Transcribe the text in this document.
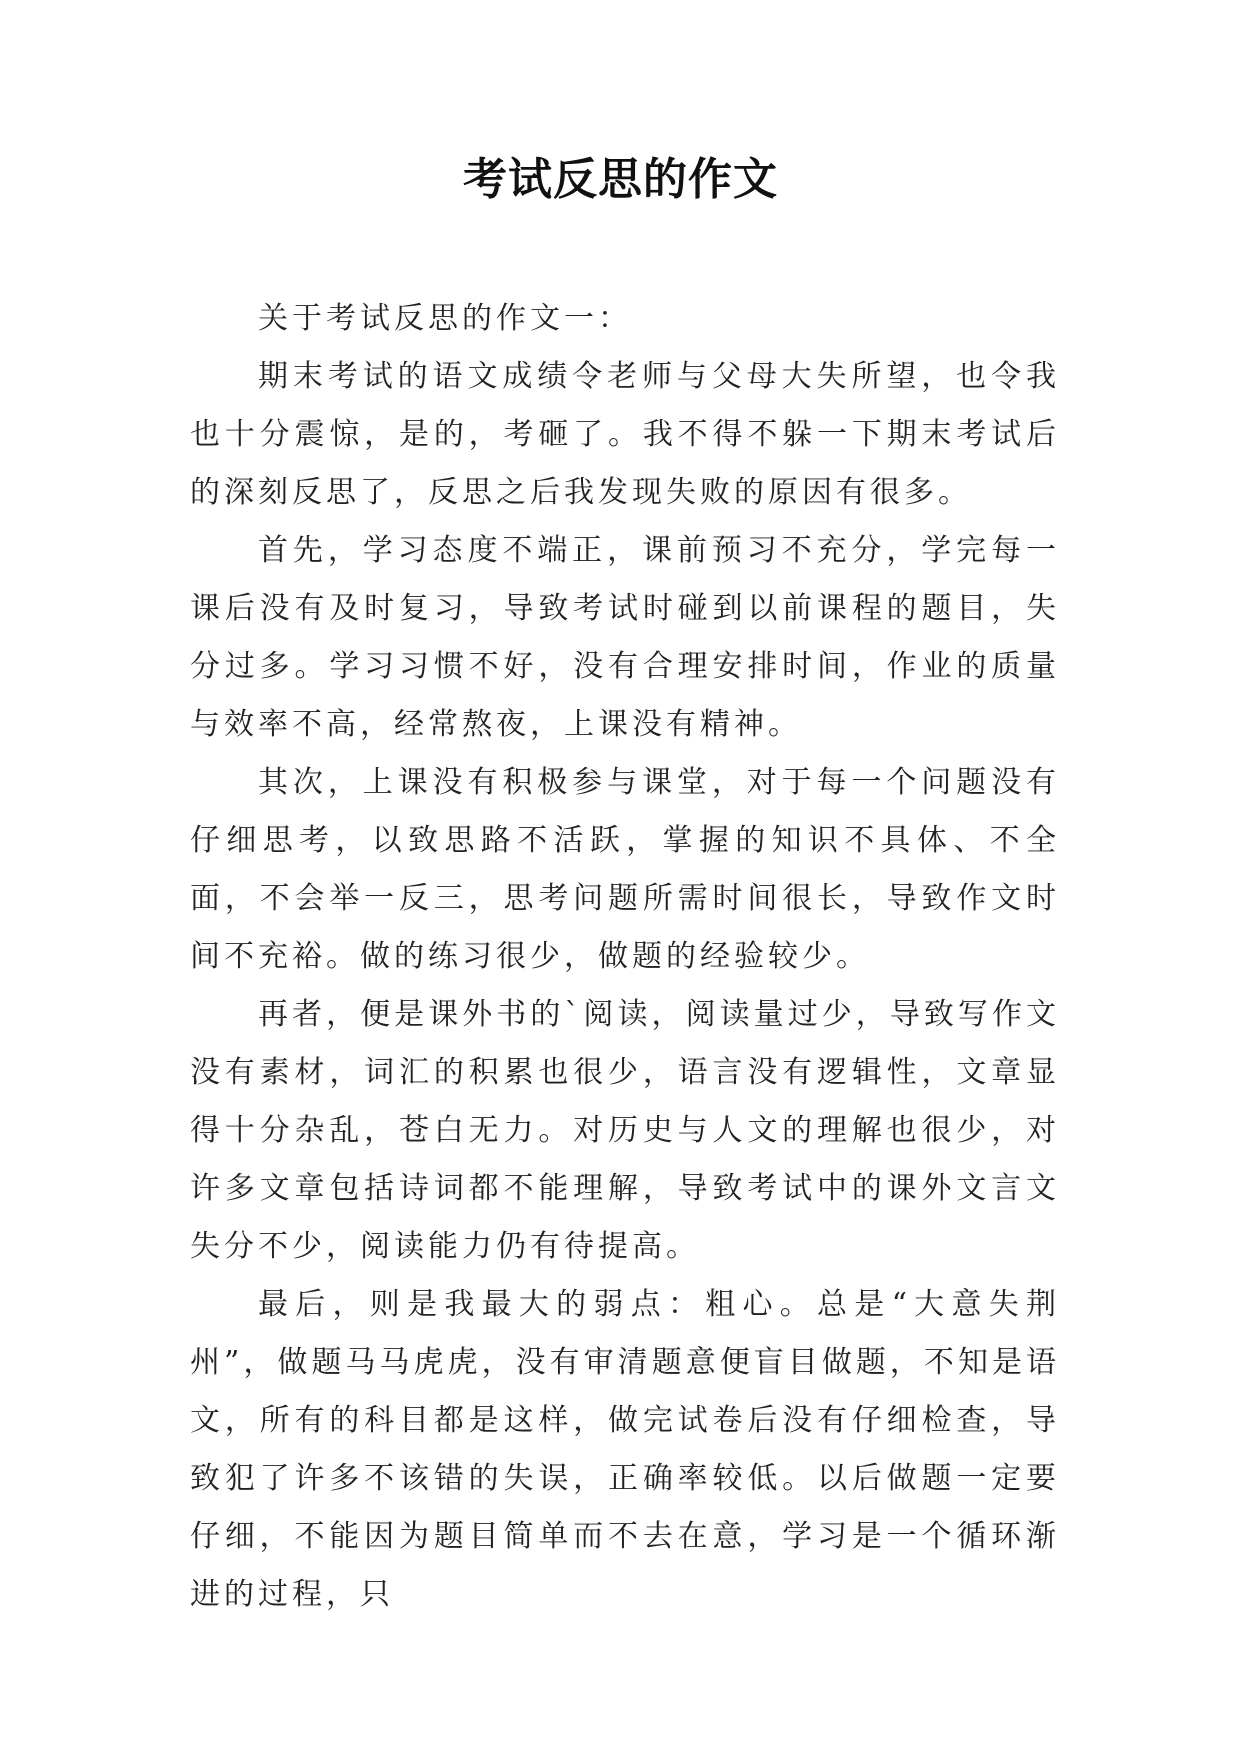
考试反思的作文

关于考试反思的作文一：

期末考试的语文成绩令老师与父母大失所望，也令我也十分震惊，是的，考砸了。我不得不躲一下期末考试后的深刻反思了，反思之后我发现失败的原因有很多。

首先，学习态度不端正，课前预习不充分，学完每一课后没有及时复习，导致考试时碰到以前课程的题目，失分过多。学习习惯不好，没有合理安排时间，作业的质量与效率不高，经常熬夜，上课没有精神。

其次，上课没有积极参与课堂，对于每一个问题没有仔细思考，以致思路不活跃，掌握的知识不具体、不全面，不会举一反三，思考问题所需时间很长，导致作文时间不充裕。做的练习很少，做题的经验较少。

再者，便是课外书的`阅读，阅读量过少，导致写作文没有素材，词汇的积累也很少，语言没有逻辑性，文章显得十分杂乱，苍白无力。对历史与人文的理解也很少，对许多文章包括诗词都不能理解，导致考试中的课外文言文失分不少，阅读能力仍有待提高。

最后，则是我最大的弱点：粗心。总是“大意失荆州”，做题马马虎虎，没有审清题意便盲目做题，不知是语文，所有的科目都是这样，做完试卷后没有仔细检查，导致犯了许多不该错的失误，正确率较低。以后做题一定要仔细，不能因为题目简单而不去在意，学习是一个循环渐进的过程，只
